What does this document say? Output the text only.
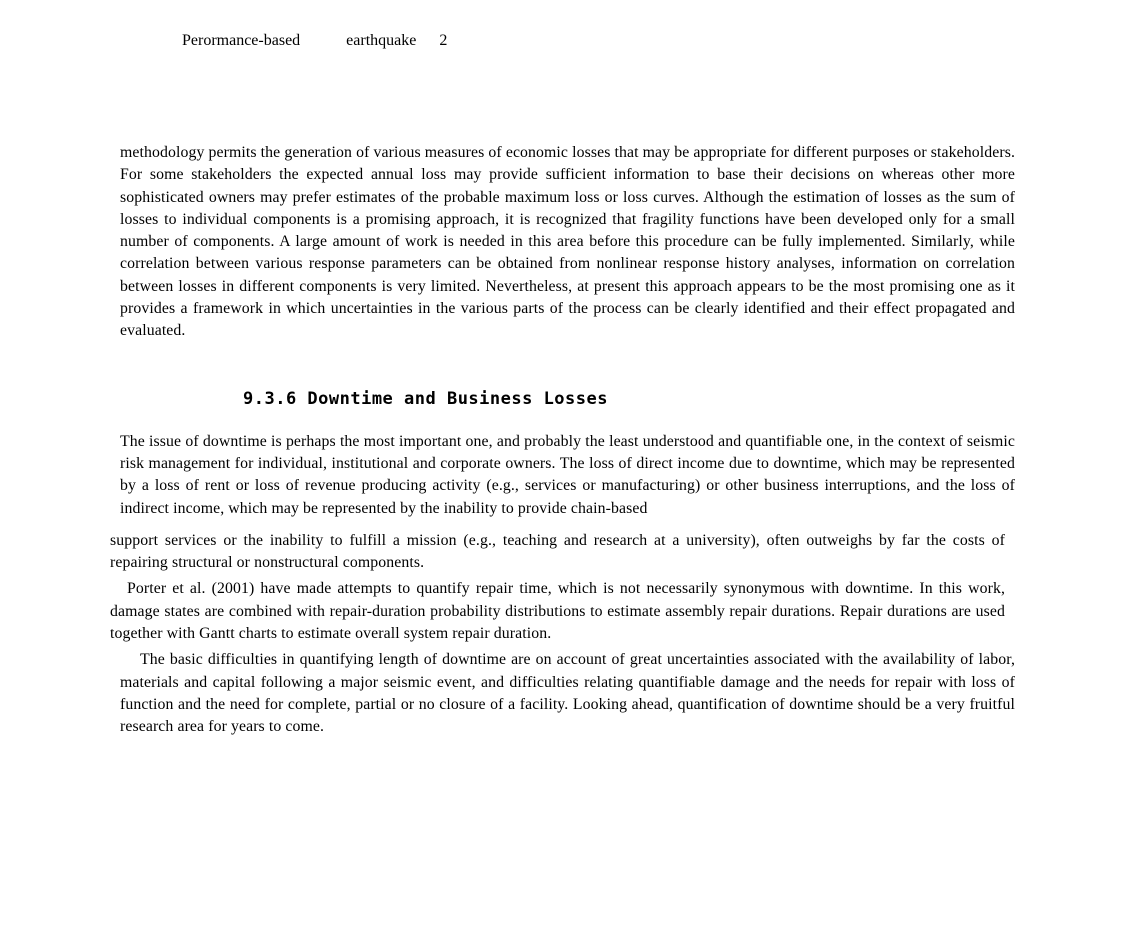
Perormance-based	earthquake 2

methodology permits the generation of various measures of economic losses that may be appropriate for different purposes or stakeholders. For some stakeholders the expected annual loss may provide sufficient information to base their decisions on whereas other more sophisticated owners may prefer estimates of the probable maximum loss or loss curves. Although the estimation of losses as the sum of losses to individual components is a promising approach, it is recognized that fragility functions have been developed only for a small number of components. A large amount of work is needed in this area before this procedure can be fully implemented. Similarly, while correlation between various response parameters can be obtained from nonlinear response history analyses, information on correlation between losses in different components is very limited. Nevertheless, at present this approach appears to be the most promising one as it provides a framework in which uncertainties in the various parts of the process can be clearly identified and their effect propagated and evaluated.

9.3.6 Downtime and Business Losses

The issue of downtime is perhaps the most important one, and probably the least understood and quantifiable one, in the context of seismic risk management for individual, institutional and corporate owners. The loss of direct income due to downtime, which may be represented by a loss of rent or loss of revenue producing activity (e.g., services or manufacturing) or other business interruptions, and the loss of indirect income, which may be represented by the inability to provide chain-based

support services or the inability to fulfill a mission (e.g., teaching and research at a university), often outweighs by far the costs of repairing structural or nonstructural components.

Porter et al. (2001) have made attempts to quantify repair time, which is not necessarily synonymous with downtime. In this work, damage states are combined with repair-duration probability distributions to estimate assembly repair durations. Repair durations are used together with Gantt charts to estimate overall system repair duration.

The basic difficulties in quantifying length of downtime are on account of great uncertainties associated with the availability of labor, materials and capital following a major seismic event, and difficulties relating quantifiable damage and the needs for repair with loss of function and the need for complete, partial or no closure of a facility. Looking ahead, quantification of downtime should be a very fruitful research area for years to come.
